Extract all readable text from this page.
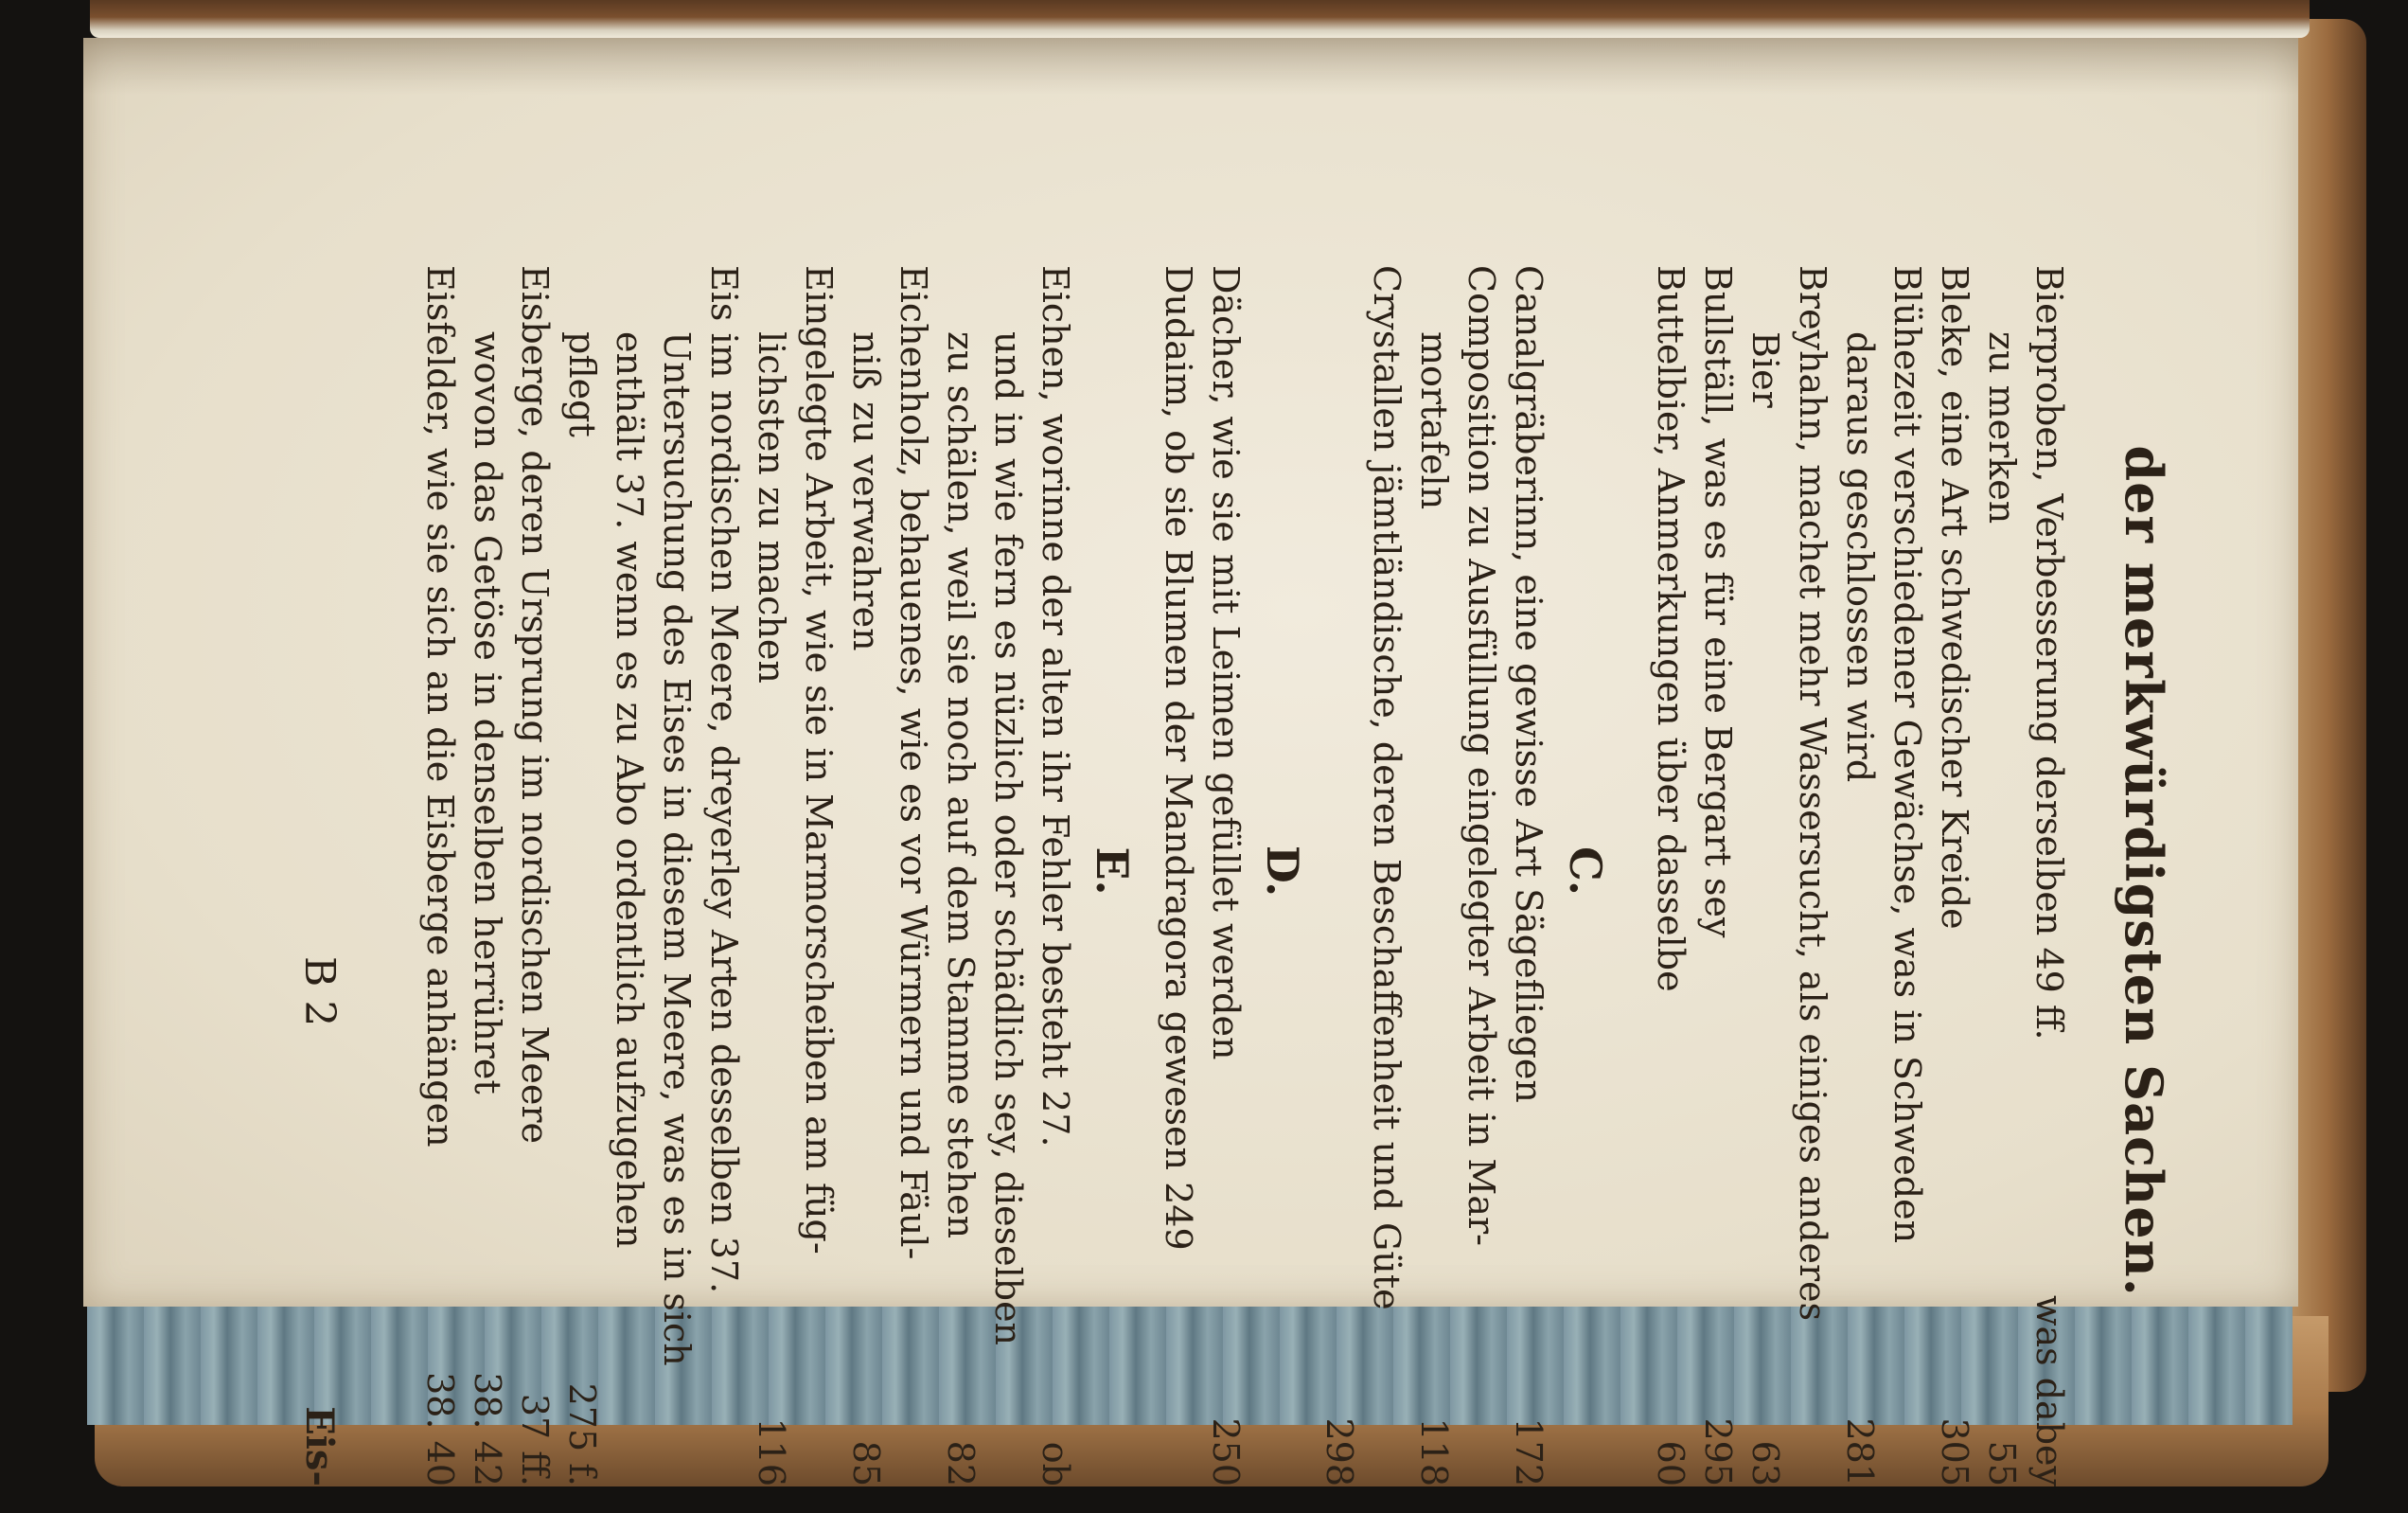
der merkwürdigsten Sachen.
Bierproben, Verbesserung derselben 49 ff.
was dabey
zu merken
55
Bleke, eine Art schwedischer Kreide
305
Blühezeit verschiedener Gewächse, was in Schweden
daraus geschlossen wird
281
Breyhahn, machet mehr Wassersucht, als einiges anderes
Bier
63
Bullställ, was es für eine Bergart sey
295
Buttelbier, Anmerkungen über dasselbe
60
C.
Canalgräberinn, eine gewisse Art Sägefliegen
172
Composition zu Ausfüllung eingelegter Arbeit in Mar-
mortafeln
118
Crystallen jämtländische, deren Beschaffenheit und Güte
298
D.
Dächer, wie sie mit Leimen gefüllet werden
250
Dudaim, ob sie Blumen der Mandragora gewesen 249
E.
Eichen, worinne der alten ihr Fehler besteht 27.
ob
und in wie fern es nüzlich oder schädlich sey, dieselben
zu schälen, weil sie noch auf dem Stamme stehen
82
Eichenholz, behauenes, wie es vor Würmern und Fäul-
niß zu verwahren
85
Eingelegte Arbeit, wie sie in Marmorscheiben am füg-
lichsten zu machen
116
Eis im nordischen Meere, dreyerley Arten desselben 37.
Untersuchung des Eises in diesem Meere, was es in sich
enthält 37. wenn es zu Abo ordentlich aufzugehen
pflegt
275 f.
Eisberge, deren Ursprung im nordischen Meere
37 ff.
wovon das Getöse in denselben herrühret
38. 42
Eisfelder, wie sie sich an die Eisberge anhängen
38. 40
B 2
Eis-
